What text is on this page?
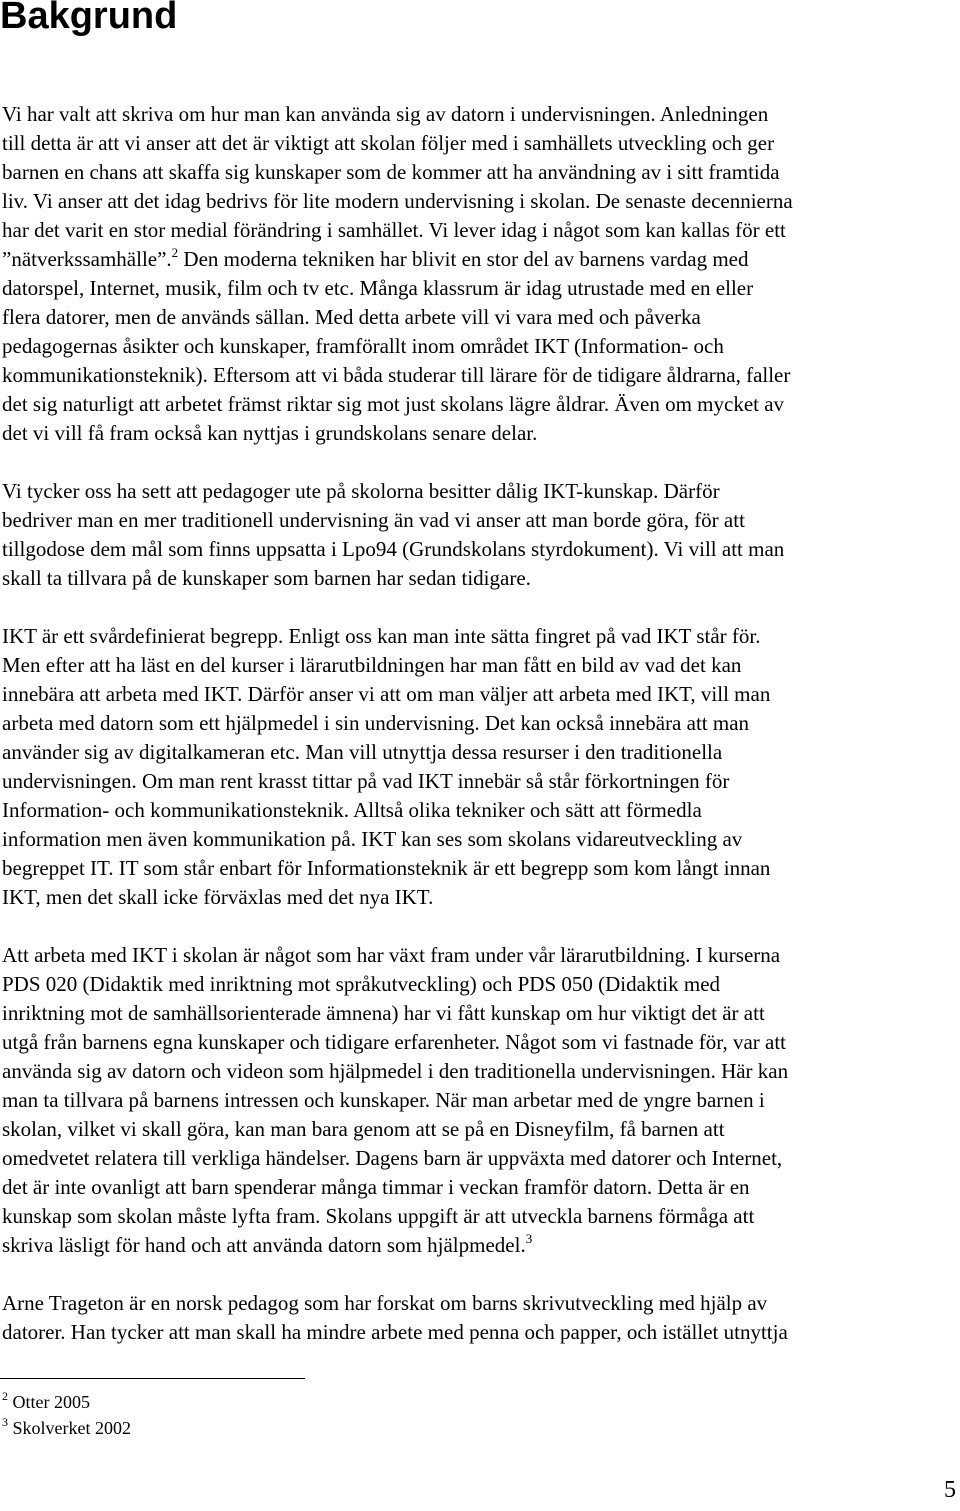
Bakgrund

Vi har valt att skriva om hur man kan använda sig av datorn i undervisningen. Anledningen
till detta är att vi anser att det är viktigt att skolan följer med i samhällets utveckling och ger
barnen en chans att skaffa sig kunskaper som de kommer att ha användning av i sitt framtida
liv. Vi anser att det idag bedrivs för lite modern undervisning i skolan. De senaste decennierna
har det varit en stor medial förändring i samhället. Vi lever idag i något som kan kallas för ett
”nätverkssamhälle”.$^2$ Den moderna tekniken har blivit en stor del av barnens vardag med
datorspel, Internet, musik, film och tv etc. Många klassrum är idag utrustade med en eller
flera datorer, men de används sällan. Med detta arbete vill vi vara med och påverka
pedagogernas åsikter och kunskaper, framförallt inom området IKT (Information- och
kommunikationsteknik). Eftersom att vi båda studerar till lärare för de tidigare åldrarna, faller
det sig naturligt att arbetet främst riktar sig mot just skolans lägre åldrar. Även om mycket av
det vi vill få fram också kan nyttjas i grundskolans senare delar.

Vi tycker oss ha sett att pedagoger ute på skolorna besitter dålig IKT-kunskap. Därför
bedriver man en mer traditionell undervisning än vad vi anser att man borde göra, för att
tillgodose dem mål som finns uppsatta i Lpo94 (Grundskolans styrdokument). Vi vill att man
skall ta tillvara på de kunskaper som barnen har sedan tidigare.

IKT är ett svårdefinierat begrepp. Enligt oss kan man inte sätta fingret på vad IKT står för.
Men efter att ha läst en del kurser i lärarutbildningen har man fått en bild av vad det kan
innebära att arbeta med IKT. Därför anser vi att om man väljer att arbeta med IKT, vill man
arbeta med datorn som ett hjälpmedel i sin undervisning. Det kan också innebära att man
använder sig av digitalkameran etc. Man vill utnyttja dessa resurser i den traditionella
undervisningen. Om man rent krasst tittar på vad IKT innebär så står förkortningen för
Information- och kommunikationsteknik. Alltså olika tekniker och sätt att förmedla
information men även kommunikation på. IKT kan ses som skolans vidareutveckling av
begreppet IT. IT som står enbart för Informationsteknik är ett begrepp som kom långt innan
IKT, men det skall icke förväxlas med det nya IKT.

Att arbeta med IKT i skolan är något som har växt fram under vår lärarutbildning. I kurserna
PDS 020 (Didaktik med inriktning mot språkutveckling) och PDS 050 (Didaktik med
inriktning mot de samhällsorienterade ämnena) har vi fått kunskap om hur viktigt det är att
utgå från barnens egna kunskaper och tidigare erfarenheter. Något som vi fastnade för, var att
använda sig av datorn och videon som hjälpmedel i den traditionella undervisningen. Här kan
man ta tillvara på barnens intressen och kunskaper. När man arbetar med de yngre barnen i
skolan, vilket vi skall göra, kan man bara genom att se på en Disneyfilm, få barnen att
omedvetet relatera till verkliga händelser. Dagens barn är uppväxta med datorer och Internet,
det är inte ovanligt att barn spenderar många timmar i veckan framför datorn. Detta är en
kunskap som skolan måste lyfta fram. Skolans uppgift är att utveckla barnens förmåga att
skriva läsligt för hand och att använda datorn som hjälpmedel.$^3$

Arne Trageton är en norsk pedagog som har forskat om barns skrivutveckling med hjälp av
datorer. Han tycker att man skall ha mindre arbete med penna och papper, och istället utnyttja

$^2$ Otter 2005
$^3$ Skolverket 2002
5
